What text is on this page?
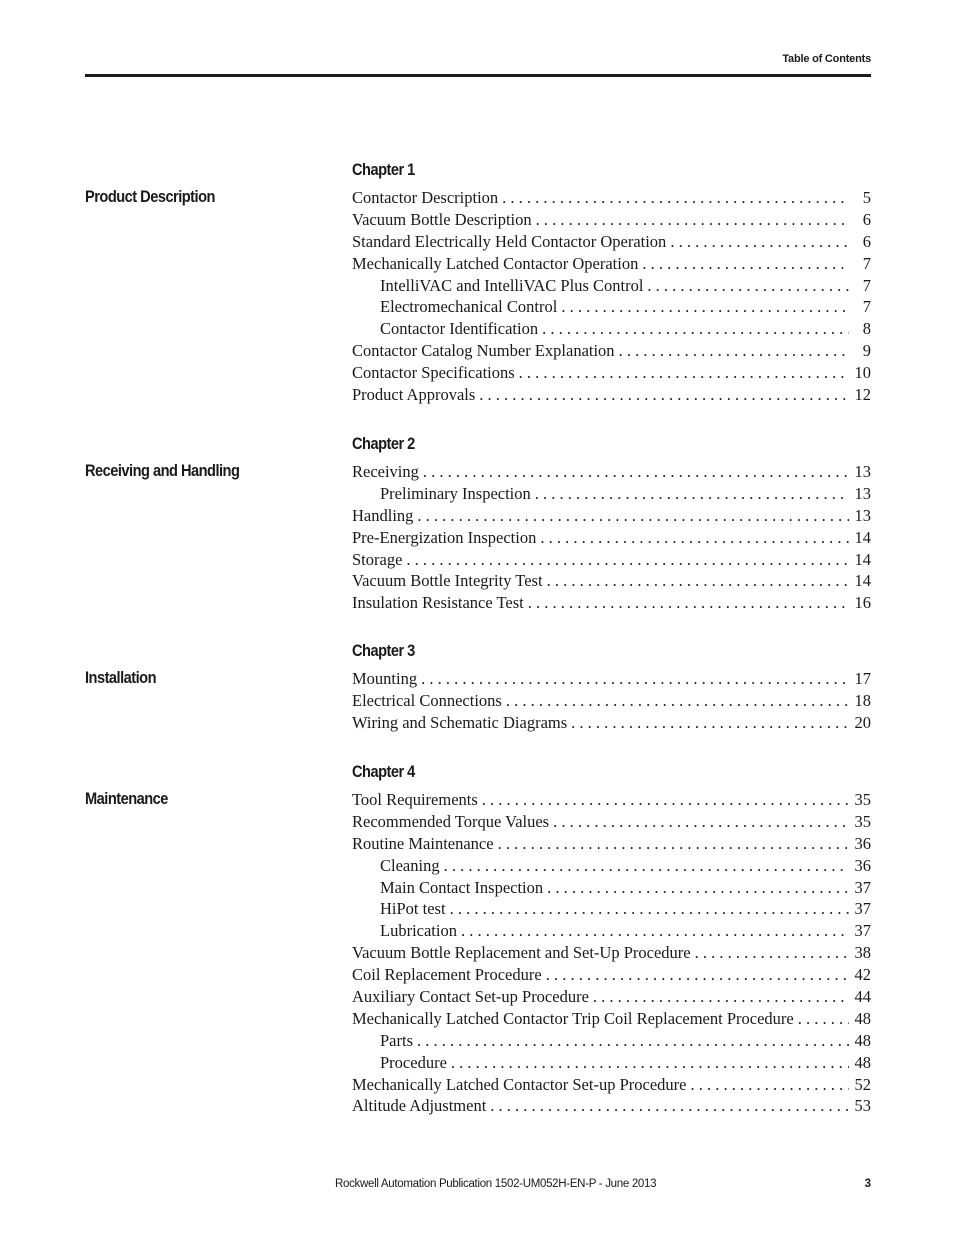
Table of Contents
Chapter 1
Product Description	Contactor Description . . .	5
Vacuum Bottle Description . . .	6
Standard Electrically Held Contactor Operation . . .	6
Mechanically Latched Contactor Operation . . .	7
IntelliVAC and IntelliVAC Plus Control . . .	7
Electromechanical Control . . .	7
Contactor Identification . . .	8
Contactor Catalog Number Explanation . . .	9
Contactor Specifications . . .	10
Product Approvals . . .	12
Chapter 2
Receiving and Handling	Receiving . . .	13
Preliminary Inspection . . .	13
Handling . . .	13
Pre-Energization Inspection . . .	14
Storage . . .	14
Vacuum Bottle Integrity Test . . .	14
Insulation Resistance Test . . .	16
Chapter 3
Installation	Mounting . . .	17
Electrical Connections . . .	18
Wiring and Schematic Diagrams . . .	20
Chapter 4
Maintenance	Tool Requirements . . .	35
Recommended Torque Values . . .	35
Routine Maintenance . . .	36
Cleaning . . .	36
Main Contact Inspection . . .	37
HiPot test . . .	37
Lubrication . . .	37
Vacuum Bottle Replacement and Set-Up Procedure . . .	38
Coil Replacement Procedure . . .	42
Auxiliary Contact Set-up Procedure . . .	44
Mechanically Latched Contactor Trip Coil Replacement Procedure . . .	48
Parts . . .	48
Procedure . . .	48
Mechanically Latched Contactor Set-up Procedure . . .	52
Altitude Adjustment . . .	53
Rockwell Automation Publication 1502-UM052H-EN-P - June 2013	3
